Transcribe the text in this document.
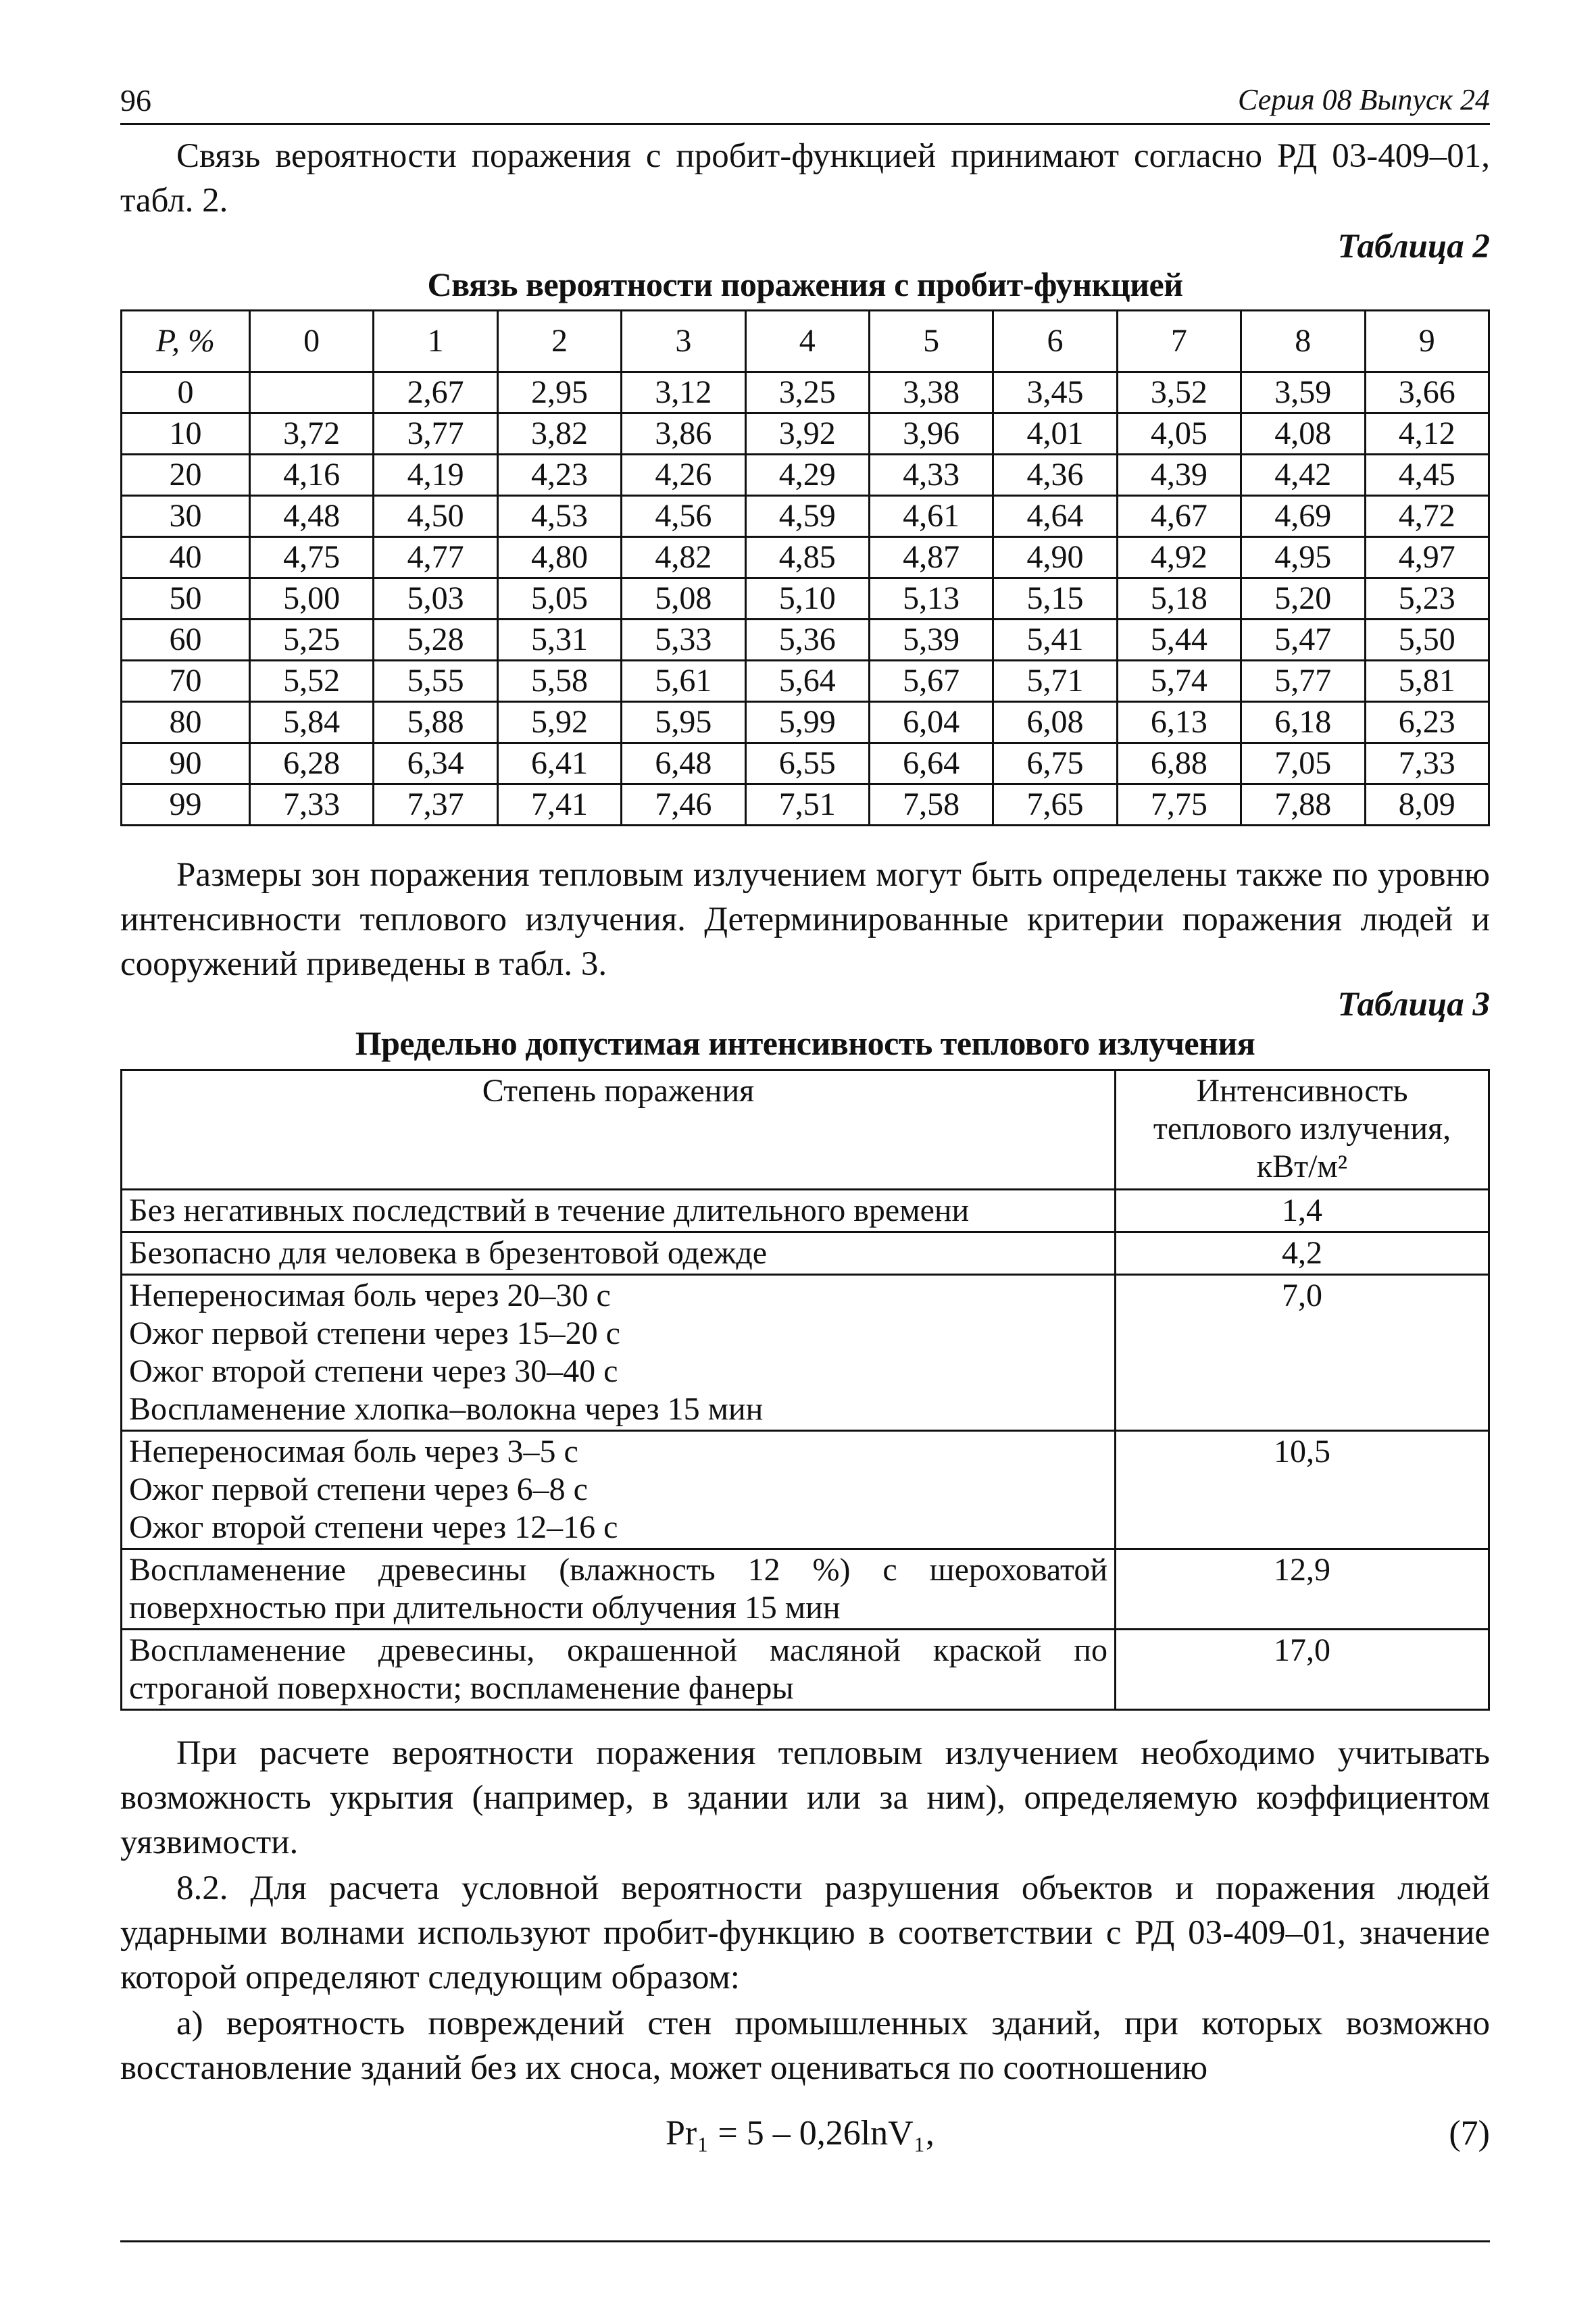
96	Серия 08 Выпуск 24
Связь вероятности поражения с пробит-функцией принимают согласно РД 03-409–01, табл. 2.
Таблица 2
Связь вероятности поражения с пробит-функцией
P, %	0	1	2	3	4	5	6	7	8	9
0		2,67	2,95	3,12	3,25	3,38	3,45	3,52	3,59	3,66
10	3,72	3,77	3,82	3,86	3,92	3,96	4,01	4,05	4,08	4,12
20	4,16	4,19	4,23	4,26	4,29	4,33	4,36	4,39	4,42	4,45
30	4,48	4,50	4,53	4,56	4,59	4,61	4,64	4,67	4,69	4,72
40	4,75	4,77	4,80	4,82	4,85	4,87	4,90	4,92	4,95	4,97
50	5,00	5,03	5,05	5,08	5,10	5,13	5,15	5,18	5,20	5,23
60	5,25	5,28	5,31	5,33	5,36	5,39	5,41	5,44	5,47	5,50
70	5,52	5,55	5,58	5,61	5,64	5,67	5,71	5,74	5,77	5,81
80	5,84	5,88	5,92	5,95	5,99	6,04	6,08	6,13	6,18	6,23
90	6,28	6,34	6,41	6,48	6,55	6,64	6,75	6,88	7,05	7,33
99	7,33	7,37	7,41	7,46	7,51	7,58	7,65	7,75	7,88	8,09
Размеры зон поражения тепловым излучением могут быть определены также по уровню интенсивности теплового излучения. Детерминированные критерии поражения людей и сооружений приведены в табл. 3.
Таблица 3
Предельно допустимая интенсивность теплового излучения
Степень поражения	Интенсивность
теплового излучения,
кВт/м²

Без негативных последствий в течение длительного времени	1,4

Безопасно для человека в брезентовой одежде	4,2

Непереносимая боль через 20–30 с
Ожог первой степени через 15–20 с
Ожог второй степени через 30–40 с
Воспламенение хлопка–волокна через 15 мин	7,0

Непереносимая боль через 3–5 с
Ожог первой степени через 6–8 с
Ожог второй степени через 12–16 с	10,5

Воспламенение древесины (влажность 12 %) с шероховатой поверхностью при длительности облучения 15 мин	12,9

Воспламенение древесины, окрашенной масляной краской по строганой поверхности; воспламенение фанеры	17,0
При расчете вероятности поражения тепловым излучением необходимо учитывать возможность укрытия (например, в здании или за ним), определяемую коэффициентом уязвимости.
8.2. Для расчета условной вероятности разрушения объектов и поражения людей ударными волнами используют пробит-функцию в соответствии с РД 03-409–01, значение которой определяют следующим образом:
а) вероятность повреждений стен промышленных зданий, при которых возможно восстановление зданий без их сноса, может оцениваться по соотношению
Pr₁ = 5 – 0,26lnV₁,	(7)
